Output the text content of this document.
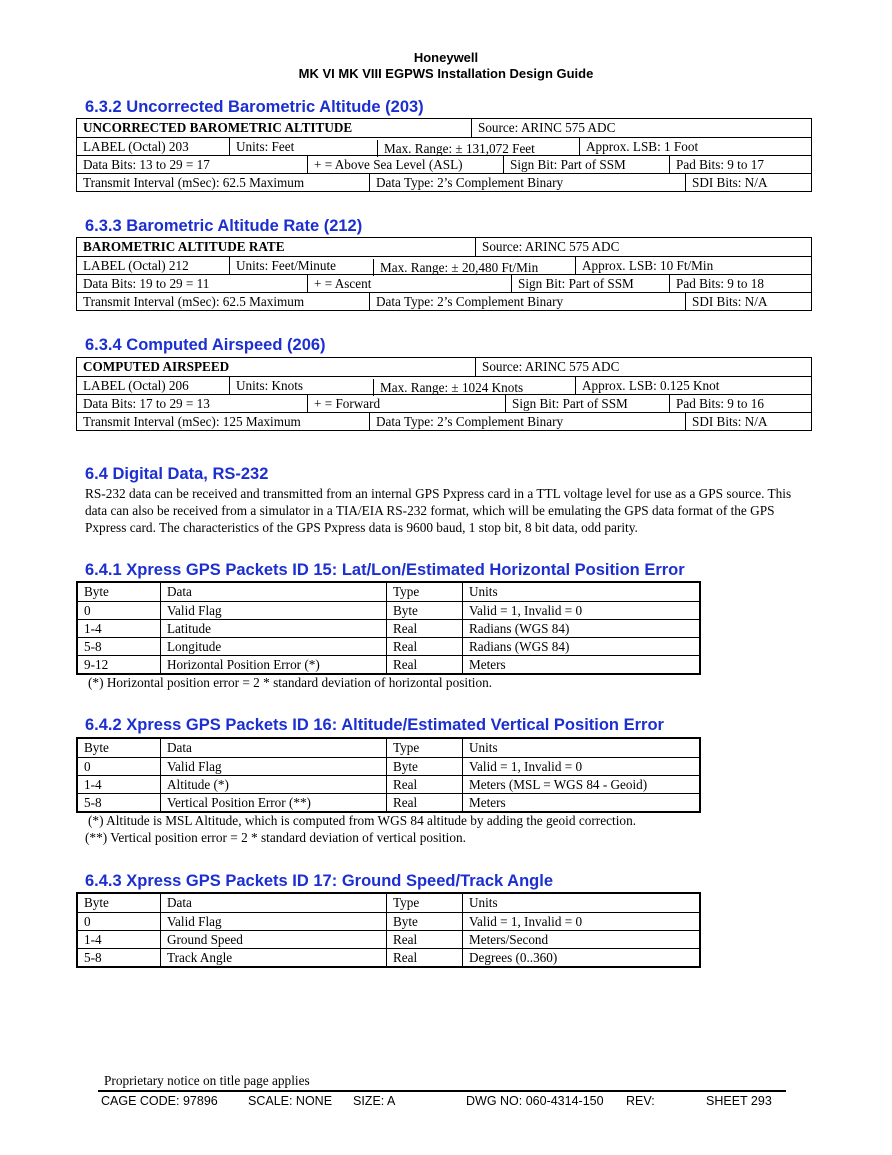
Honeywell
MK VI MK VIII EGPWS Installation Design Guide
6.3.2 Uncorrected Barometric Altitude (203)
UNCORRECTED BAROMETRIC ALTITUDE	Source: ARINC 575 ADC
LABEL (Octal) 203	Units: Feet	Max. Range: ± 131,072 Feet	Approx. LSB: 1 Foot
Data Bits: 13 to 29 = 17	+ = Above Sea Level (ASL)	Sign Bit: Part of SSM	Pad Bits: 9 to 17
Transmit Interval (mSec): 62.5 Maximum	Data Type: 2’s Complement Binary	SDI Bits: N/A
6.3.3 Barometric Altitude Rate (212)
BAROMETRIC ALTITUDE RATE	Source: ARINC 575 ADC
LABEL (Octal) 212	Units: Feet/Minute	Max. Range: ± 20,480 Ft/Min	Approx. LSB: 10 Ft/Min
Data Bits: 19 to 29 = 11	+ = Ascent	Sign Bit: Part of SSM	Pad Bits: 9 to 18
Transmit Interval (mSec): 62.5 Maximum	Data Type: 2’s Complement Binary	SDI Bits: N/A
6.3.4 Computed Airspeed (206)
COMPUTED AIRSPEED	Source: ARINC 575 ADC
LABEL (Octal) 206	Units: Knots	Max. Range: ± 1024 Knots	Approx. LSB: 0.125 Knot
Data Bits: 17 to 29 = 13	+ = Forward	Sign Bit: Part of SSM	Pad Bits: 9 to 16
Transmit Interval (mSec): 125 Maximum	Data Type: 2’s Complement Binary	SDI Bits: N/A
6.4 Digital Data, RS-232
RS-232 data can be received and transmitted from an internal GPS Pxpress card in a TTL voltage level for use as a GPS source. This data can also be received from a simulator in a TIA/EIA RS-232 format, which will be emulating the GPS data format of the GPS Pxpress card. The characteristics of the GPS Pxpress data is 9600 baud, 1 stop bit, 8 bit data, odd parity.
6.4.1 Xpress GPS Packets ID 15: Lat/Lon/Estimated Horizontal Position Error
Byte	Data	Type	Units
0	Valid Flag	Byte	Valid = 1, Invalid = 0
1-4	Latitude	Real	Radians (WGS 84)
5-8	Longitude	Real	Radians (WGS 84)
9-12	Horizontal Position Error (*)	Real	Meters
(*) Horizontal position error = 2 * standard deviation of horizontal position.
6.4.2 Xpress GPS Packets ID 16: Altitude/Estimated Vertical Position Error
Byte	Data	Type	Units
0	Valid Flag	Byte	Valid = 1, Invalid = 0
1-4	Altitude (*)	Real	Meters (MSL = WGS 84 - Geoid)
5-8	Vertical Position Error (**)	Real	Meters
(*) Altitude is MSL Altitude, which is computed from WGS 84 altitude by adding the geoid correction.
(**) Vertical position error = 2 * standard deviation of vertical position.
6.4.3 Xpress GPS Packets ID 17: Ground Speed/Track Angle
Byte	Data	Type	Units
0	Valid Flag	Byte	Valid = 1, Invalid = 0
1-4	Ground Speed	Real	Meters/Second
5-8	Track Angle	Real	Degrees (0..360)
Proprietary notice on title page applies
CAGE CODE: 97896 SCALE: NONE SIZE: A	DWG NO: 060-4314-150 REV:	SHEET 293
